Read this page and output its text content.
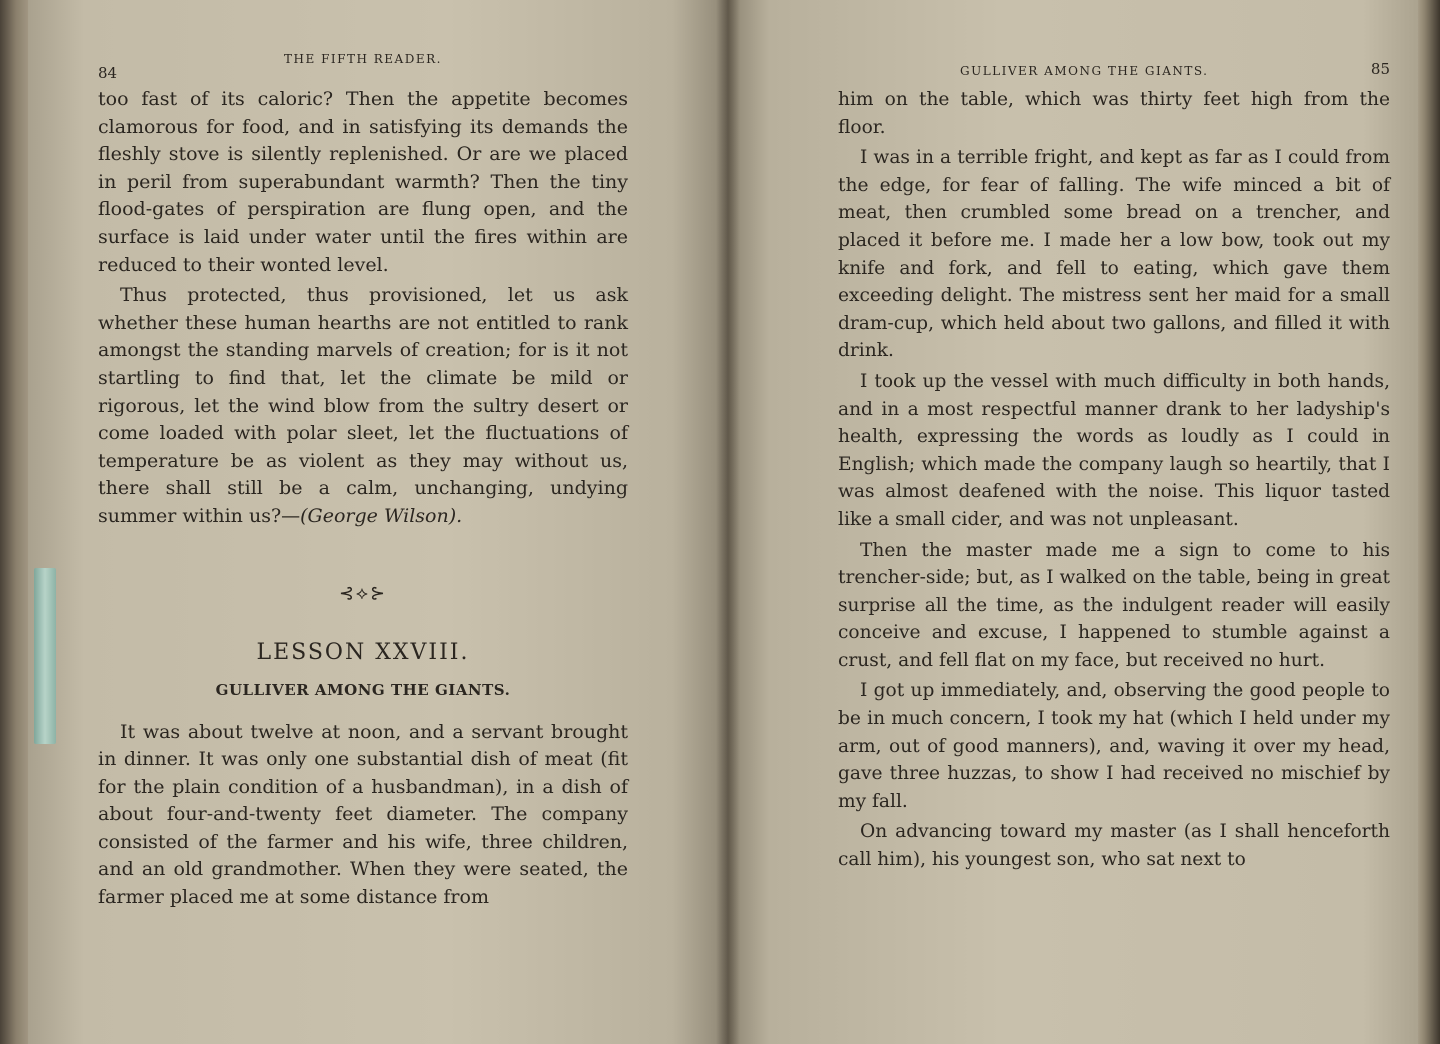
84
THE FIFTH READER.

too fast of its caloric? Then the appetite becomes clamorous for food, and in satisfying its demands the fleshly stove is silently replenished. Or are we placed in peril from superabundant warmth? Then the tiny flood-gates of perspiration are flung open, and the surface is laid under water until the fires within are reduced to their wonted level.

Thus protected, thus provisioned, let us ask whether these human hearths are not entitled to rank amongst the standing marvels of creation; for is it not startling to find that, let the climate be mild or rigorous, let the wind blow from the sultry desert or come loaded with polar sleet, let the fluctuations of temperature be as violent as they may without us, there shall still be a calm, unchanging, undying summer within us?—(George Wilson).

⊰⟡⊱
LESSON XXVIII.
GULLIVER AMONG THE GIANTS.

It was about twelve at noon, and a servant brought in dinner. It was only one substantial dish of meat (fit for the plain condition of a husbandman), in a dish of about four-and-twenty feet diameter. The company consisted of the farmer and his wife, three children, and an old grandmother. When they were seated, the farmer placed me at some distance from

GULLIVER AMONG THE GIANTS.	85

him on the table, which was thirty feet high from the floor.

I was in a terrible fright, and kept as far as I could from the edge, for fear of falling. The wife minced a bit of meat, then crumbled some bread on a trencher, and placed it before me. I made her a low bow, took out my knife and fork, and fell to eating, which gave them exceeding delight. The mistress sent her maid for a small dram-cup, which held about two gallons, and filled it with drink.

I took up the vessel with much difficulty in both hands, and in a most respectful manner drank to her ladyship's health, expressing the words as loudly as I could in English; which made the company laugh so heartily, that I was almost deafened with the noise. This liquor tasted like a small cider, and was not unpleasant.

Then the master made me a sign to come to his trencher-side; but, as I walked on the table, being in great surprise all the time, as the indulgent reader will easily conceive and excuse, I happened to stumble against a crust, and fell flat on my face, but received no hurt.

I got up immediately, and, observing the good people to be in much concern, I took my hat (which I held under my arm, out of good manners), and, waving it over my head, gave three huzzas, to show I had received no mischief by my fall.

On advancing toward my master (as I shall henceforth call him), his youngest son, who sat next to
